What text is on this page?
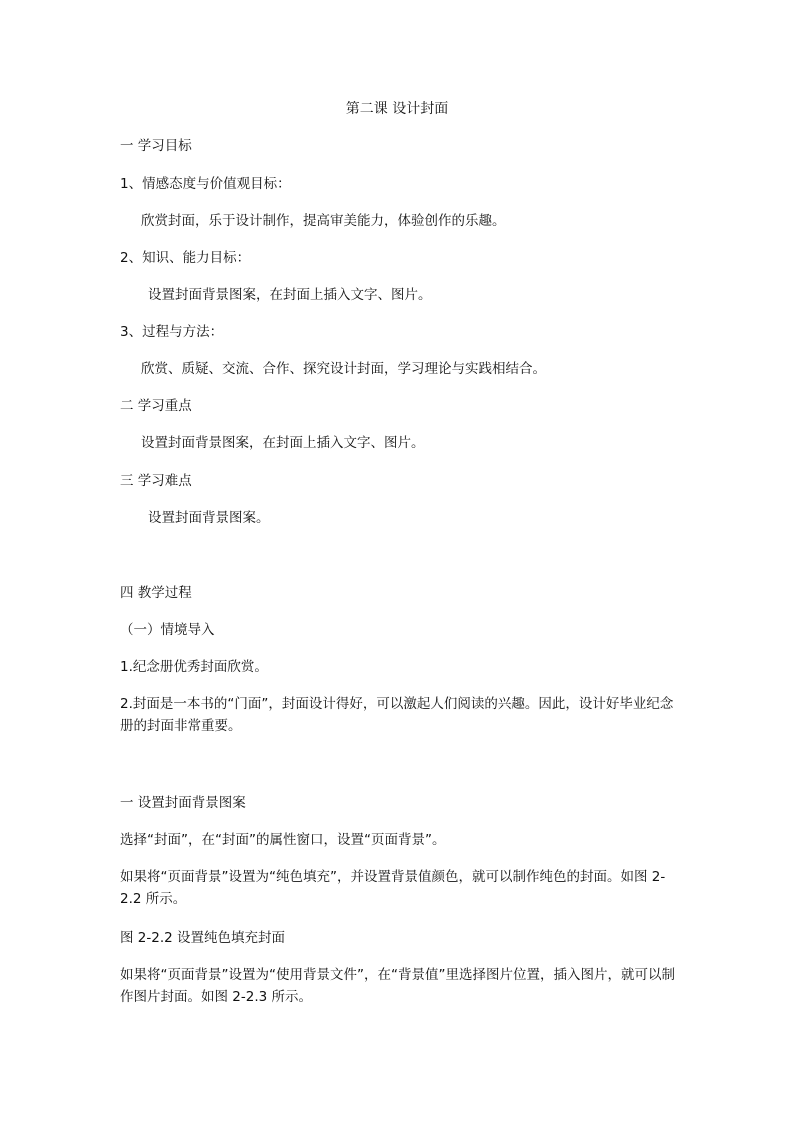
第二课 设计封面
一 学习目标
1、情感态度与价值观目标：
欣赏封面，乐于设计制作，提高审美能力，体验创作的乐趣。
2、知识、能力目标：
设置封面背景图案，在封面上插入文字、图片。
3、过程与方法：
欣赏、质疑、交流、合作、探究设计封面，学习理论与实践相结合。
二 学习重点
设置封面背景图案，在封面上插入文字、图片。
三 学习难点
设置封面背景图案。
四 教学过程
（一）情境导入
1.纪念册优秀封面欣赏。
2.封面是一本书的“门面”，封面设计得好，可以激起人们阅读的兴趣。因此，设计好毕业纪念册的封面非常重要。
一 设置封面背景图案
选择“封面”，在“封面”的属性窗口，设置“页面背景”。
如果将“页面背景”设置为“纯色填充”，并设置背景值颜色，就可以制作纯色的封面。如图 2-2.2 所示。
图 2-2.2 设置纯色填充封面
如果将“页面背景”设置为“使用背景文件”，在“背景值”里选择图片位置，插入图片，就可以制作图片封面。如图 2-2.3 所示。
